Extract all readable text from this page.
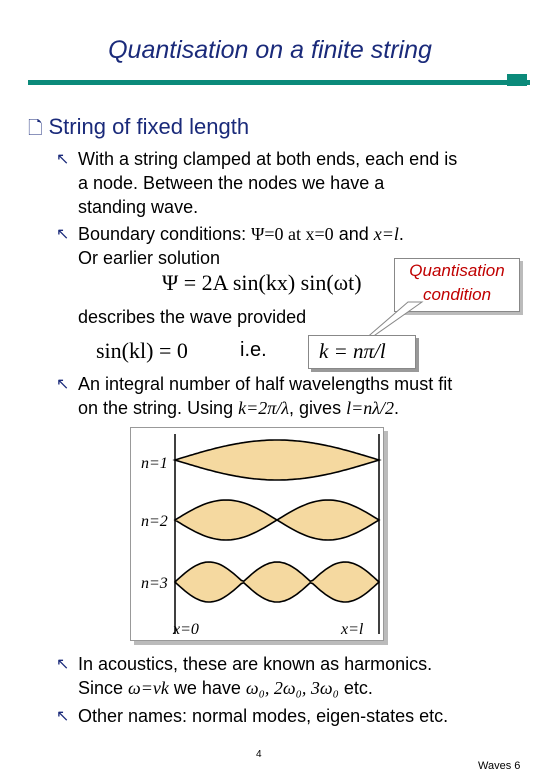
Quantisation on a finite string
🗋 String of fixed length
↖ With a string clamped at both ends, each end is
a node. Between the nodes we have a
standing wave.
↖ Boundary conditions: Ψ=0 at x=0 and x=l.
Or earlier solution
Ψ = 2A sin(kx) sin(ωt)	Quantisation
condition
describes the wave provided
sin(kl) = 0	i.e.	k = nπ/l
↖ An integral number of half wavelengths must fit
on the string. Using k=2π/λ, gives l=nλ/2.
n=1
n=2
n=3
x=0	x=l
↖ In acoustics, these are known as harmonics.
Since ω=vk we have ω₀, 2ω₀, 3ω₀ etc.
↖ Other names: normal modes, eigen-states etc.
4
Waves 6
